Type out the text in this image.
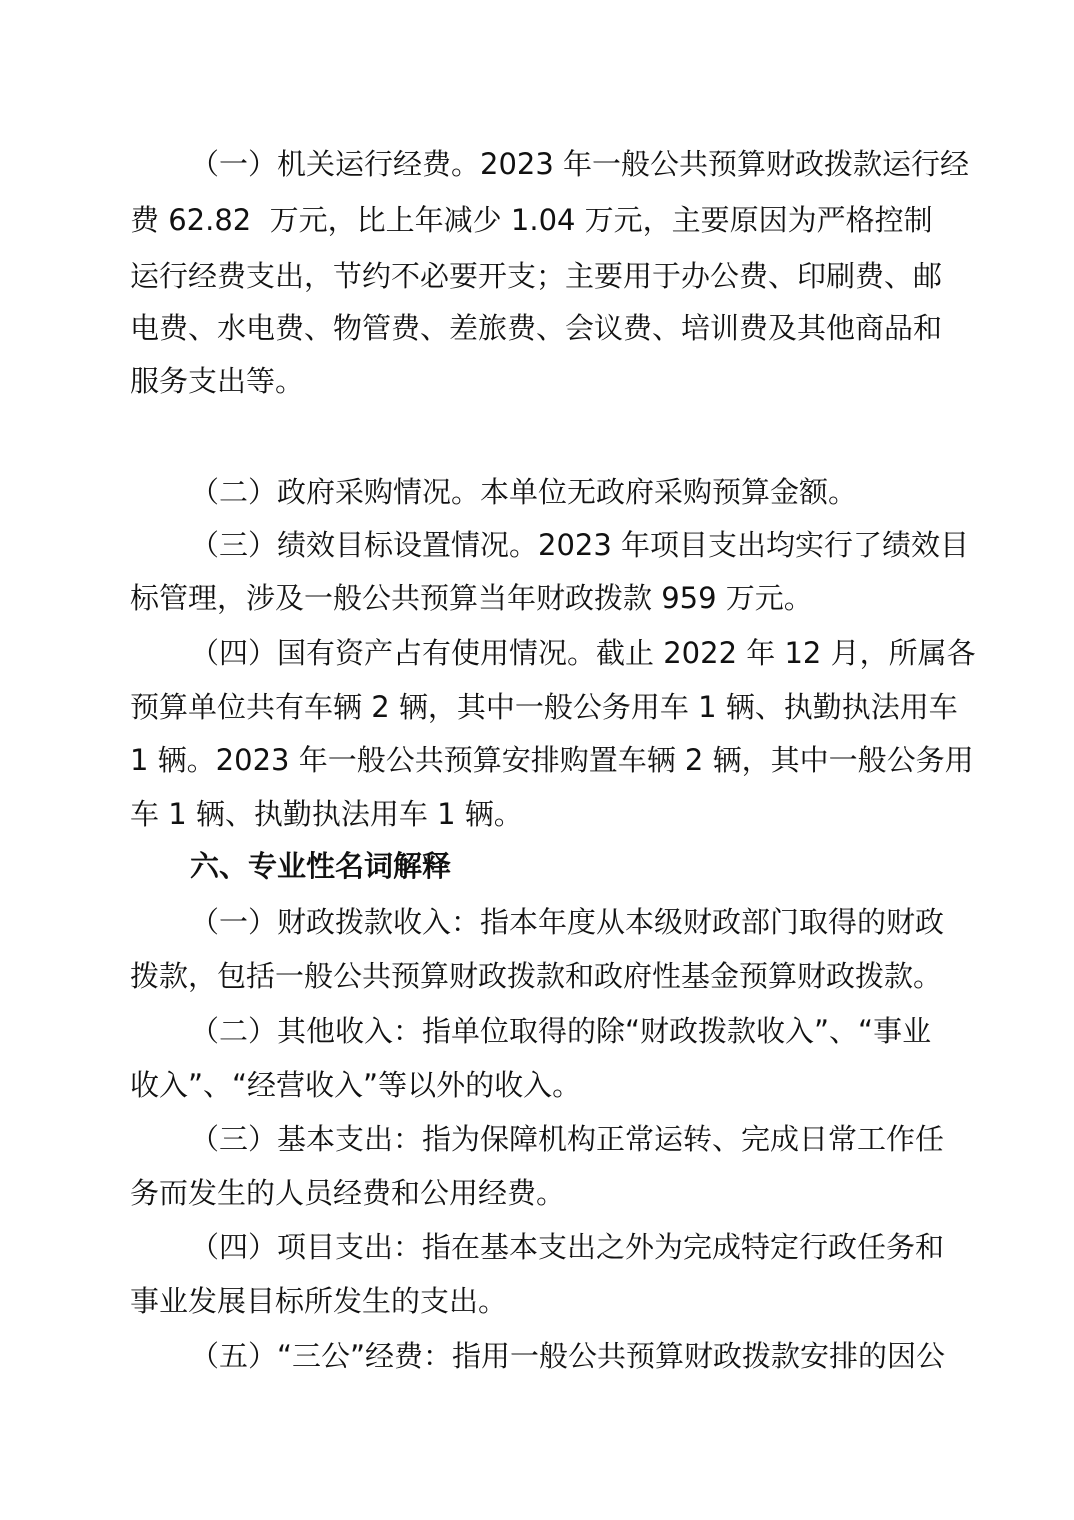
（一）机关运行经费。2023 年一般公共预算财政拨款运行经
费 62.82  万元，比上年减少 1.04 万元，主要原因为严格控制
运行经费支出，节约不必要开支；主要用于办公费、印刷费、邮
电费、水电费、物管费、差旅费、会议费、培训费及其他商品和
服务支出等。
（二）政府采购情况。本单位无政府采购预算金额。
（三）绩效目标设置情况。2023 年项目支出均实行了绩效目
标管理，涉及一般公共预算当年财政拨款 959 万元。
（四）国有资产占有使用情况。截止 2022 年 12 月，所属各
预算单位共有车辆 2 辆，其中一般公务用车 1 辆、执勤执法用车
1 辆。2023 年一般公共预算安排购置车辆 2 辆，其中一般公务用
车 1 辆、执勤执法用车 1 辆。
六、专业性名词解释
（一）财政拨款收入：指本年度从本级财政部门取得的财政
拨款，包括一般公共预算财政拨款和政府性基金预算财政拨款。
（二）其他收入：指单位取得的除“财政拨款收入”、“事业
收入”、“经营收入”等以外的收入。
（三）基本支出：指为保障机构正常运转、完成日常工作任
务而发生的人员经费和公用经费。
（四）项目支出：指在基本支出之外为完成特定行政任务和
事业发展目标所发生的支出。
（五）“三公”经费：指用一般公共预算财政拨款安排的因公
